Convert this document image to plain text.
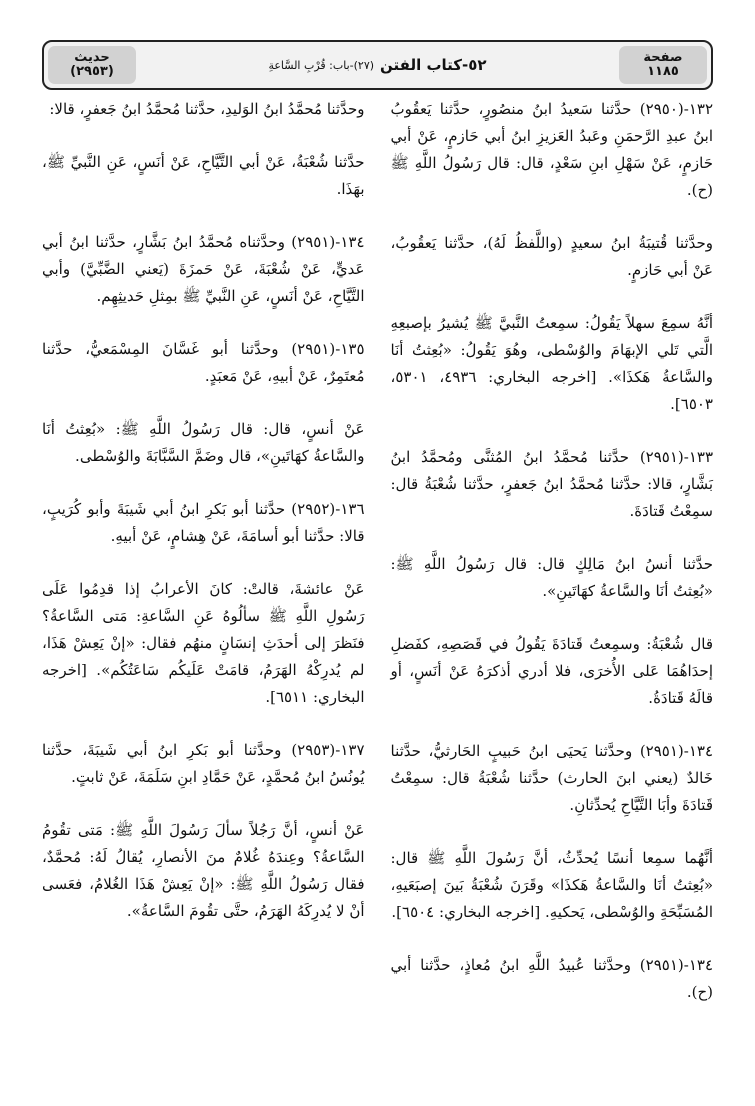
صفحة
١١٨٥
٥٢-كتاب الفتن
(٢٧)-باب: قُرْبِ السَّاعةِ
حديث
(٢٩٥٣)

١٣٢-(٢٩٥٠) حدَّثنا سَعيدُ ابنُ منصُورٍ، حدَّثنا يَعقُوبُ ابنُ عبدِ الرَّحمَنِ وعَبدُ العَزيزِ ابنُ أبي حَازمٍ، عَنْ أبي حَازمٍ، عَنْ سَهْلِ ابنِ سَعْدٍ، قال: قال رَسُولُ اللَّهِ ﷺ (ح).

وحدَّثنا قُتيبَةُ ابنُ سعيدٍ (واللَّفظُ لَهُ)، حدَّثنا يَعقُوبُ، عَنْ أبي حَازمٍ.

أنَّهُ سمِعَ سهلاً يَقُولُ: سمِعتُ النَّبيَّ ﷺ يُشيرُ بإصبعِهِ الَّتي تَلي الإبهَامَ والوُسْطى، وهُوَ يَقُولُ: «بُعِثتُ أنَا والسَّاعةُ هَكذَا». [اخرجه البخاري: ٤٩٣٦، ٥٣٠١، ٦٥٠٣].

١٣٣-(٢٩٥١) حدَّثنا مُحمَّدُ ابنُ المُثنَّى ومُحمَّدُ ابنُ بَشَّارٍ، قالا: حدَّثنا مُحمَّدُ ابنُ جَعفرٍ، حدَّثنا شُعْبَةُ قال: سمِعْتُ قَتادَةَ.

حدَّثنا أنسُ ابنُ مَالِكٍ قال: قال رَسُولُ اللَّهِ ﷺ: «بُعِثتُ أنَا والسَّاعةُ كهَاتَينِ».

قال شُعْبَةُ: وسمِعتُ قَتادَةَ يَقُولُ في قَصَصِهِ، كفَضلِ إحدَاهُمَا عَلى الأُخرَى، فلا أدري أذكرَهُ عَنْ أنَسٍ، أو قالَهُ قَتادَةُ.

١٣٤-(٢٩٥١) وحدَّثنا يَحيَى ابنُ حَبيبٍ الحَارثيُّ، حدَّثنا خَالدٌ (يعني ابنَ الحارث) حدَّثنا شُعْبَةُ قال: سمِعْتُ قَتادَةَ وأبَا التَّيَّاحِ يُحدِّثانِ.

أنَّهُما سمِعا أنسًا يُحدِّثُ، أنَّ رَسُولَ اللَّهِ ﷺ قال: «بُعِثتُ أنَا والسَّاعةُ هَكذَا» وقَرَنَ شُعْبَةُ بَينَ إصبَعَيهِ، المُسَبِّحَةِ والوُسْطى، يَحكيهِ. [اخرجه البخاري: ٦٥٠٤].

١٣٤-(٢٩٥١) وحدَّثنا عُبيدُ اللَّهِ ابنُ مُعاذٍ، حدَّثنا أبي (ح).

وحدَّثنا مُحمَّدُ ابنُ الوَليدِ، حدَّثنا مُحمَّدُ ابنُ جَعفرٍ، قالا:

حدَّثنا شُعْبَةُ، عَنْ أبي التَّيَّاحِ، عَنْ أنَسٍ، عَنِ النَّبيِّ ﷺ، بهَذَا.

١٣٤-(٢٩٥١) وحدَّثناه مُحمَّدُ ابنُ بَشَّارٍ، حدَّثنا ابنُ أبي عَديٍّ، عَنْ شُعْبَةَ، عَنْ حَمزَةَ (يَعني الضَّبِّيَّ) وأبي التَّيَّاحِ، عَنْ أنَسٍ، عَنِ النَّبيِّ ﷺ بمِثلِ حَديثِهِم.

١٣٥-(٢٩٥١) وحدَّثنا أبو غَسَّانَ المِسْمَعيُّ، حدَّثنا مُعتَمِرٌ، عَنْ أبيهِ، عَنْ مَعبَدٍ.

عَنْ أنسٍ، قال: قال رَسُولُ اللَّهِ ﷺ: «بُعِثتُ أنَا والسَّاعةُ كهَاتَينِ»، قال وضَمَّ السَّبَّابَةَ والوُسْطى.

١٣٦-(٢٩٥٢) حدَّثنا أبو بَكرِ ابنُ أبي شَيبَةَ وأبو كُرَيبٍ، قالا: حدَّثنا أبو أسامَةَ، عَنْ هِشامٍ، عَنْ أبيهِ.

عَنْ عائشةَ، قالتْ: كانَ الأعرابُ إذا قدِمُوا عَلَى رَسُولِ اللَّهِ ﷺ سألُوهُ عَنِ السَّاعةِ: مَتى السَّاعةُ؟ فنَظرَ إلى أحدَثِ إنسَانٍ منهُم فقال: «إنْ يَعِشْ هَذَا، لم يُدرِكْهُ الهَرَمُ، قامَتْ عَلَيكُم سَاعَتُكُم». [اخرجه البخاري: ٦٥١١].

١٣٧-(٢٩٥٣) وحدَّثنا أبو بَكرِ ابنُ أبي شَيبَةَ، حدَّثنا يُونُسُ ابنُ مُحمَّدٍ، عَنْ حَمَّادِ ابنِ سَلَمَةَ، عَنْ ثابتٍ.

عَنْ أنسٍ، أنَّ رَجُلاً سألَ رَسُولَ اللَّهِ ﷺ: مَتى تقُومُ السَّاعةُ؟ وعِندَهُ غُلامٌ منَ الأنصارِ، يُقالُ لَهُ: مُحمَّدٌ، فقال رَسُولُ اللَّهِ ﷺ: «إنْ يَعِشْ هَذَا الغُلامُ، فعَسى أنْ لا يُدرِكَهُ الهَرَمُ، حتَّى تقُومَ السَّاعةُ».
